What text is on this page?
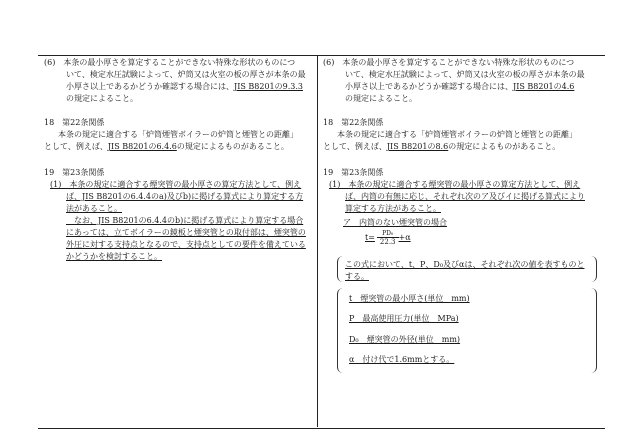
(6)　本条の最小厚さを算定することができない特殊な形状のものにつ
いて、検定水圧試験によって、炉筒又は火室の板の厚さが本条の最
小厚さ以上であるかどうか確認する場合には、JIS B8201の9.3.3
の規定によること。
18　第22条関係
　本条の規定に適合する「炉筒煙管ボイラーの炉筒と煙管との距離」
として、例えば、JIS B8201の6.4.6の規定によるものがあること。
19　第23条関係
(1)　本条の規定に適合する煙突管の最小厚さの算定方法として、例え
ば、JIS B8201の6.4.4のa)及びb)に掲げる算式により算定する方
法があること。
　なお、JIS B8201の6.4.4のb)に掲げる算式により算定する場合
にあっては、立てボイラーの鏡板と煙突管との取付部は、煙突管の
外圧に対する支持点となるので、支持点としての要件を備えている
かどうかを検討すること。
(6)　本条の最小厚さを算定することができない特殊な形状のものにつ
いて、検定水圧試験によって、炉筒又は火室の板の厚さが本条の最
小厚さ以上であるかどうか確認する場合には、JIS B8201の4.6
の規定によること。
18　第22条関係
　本条の規定に適合する「炉筒煙管ボイラーの炉筒と煙管との距離」
として、例えば、JIS B8201の8.6の規定によるものがあること。
19　第23条関係
(1)　本条の規定に適合する煙突管の最小厚さの算定方法として、例え
ば、内筒の有無に応じ、それぞれ次のア及びイに掲げる算式により
算定する方法があること。
ア　内筒のない煙突管の場合
$t= \frac{\text{PD₀}}{22.3} +\alpha$
この式において、t、P、D₀及びαは、それぞれ次の値を表すものと
する。
t　煙突管の最小厚さ(単位　mm)
P　最高使用圧力(単位　MPa)
D₀　煙突管の外径(単位　mm)
α　付け代で1.6mmとする。
